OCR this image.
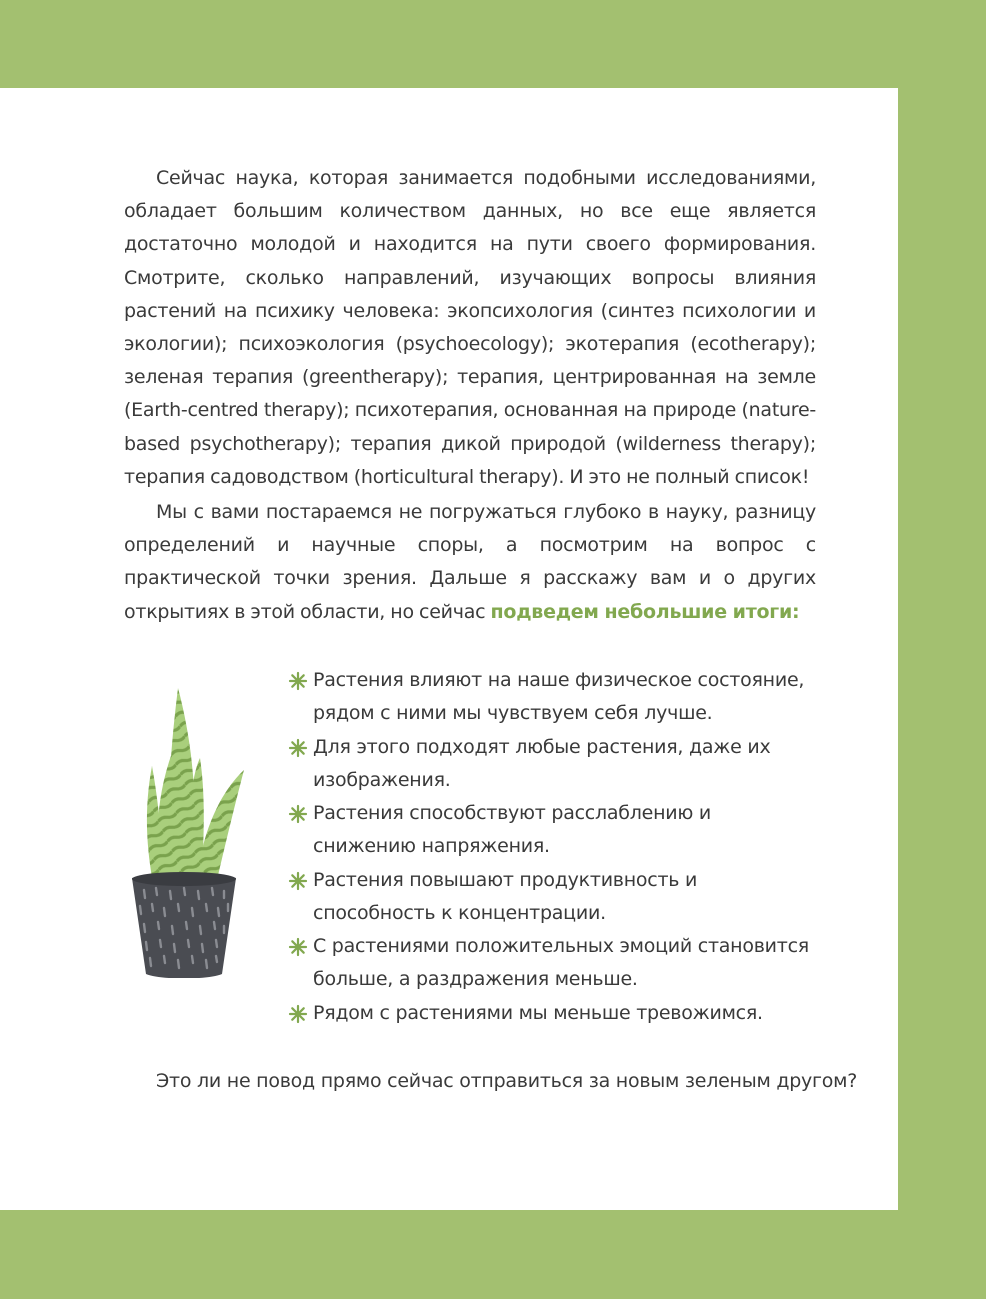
Сейчас наука, которая занимается подобными исследованиями, обладает большим количеством данных, но все еще является достаточно молодой и находится на пути своего формирования. Смотрите, сколько направлений, изучающих вопросы влияния растений на психику человека: экопсихология (синтез психологии и экологии); психоэкология (psychoecology); экотерапия (ecotherapy); зеленая терапия (greentherapy); терапия, центрированная на земле (Earth-centred therapy); психотерапия, основанная на природе (nature-based psychotherapy); терапия дикой природой (wilderness therapy); терапия садоводством (horticultural therapy). И это не полный список!

Мы с вами постараемся не погружаться глубоко в науку, разницу определений и научные споры, а посмотрим на вопрос с практической точки зрения. Дальше я расскажу вам и о других открытиях в этой области, но сейчас подведем небольшие итоги:

Растения влияют на наше физическое состояние, рядом с ними мы чувствуем себя лучше.
Для этого подходят любые растения, даже их изображения.
Растения способствуют расслаблению и снижению напряжения.
Растения повышают продуктивность и способность к концентрации.
С растениями положительных эмоций становится больше, а раздражения меньше.
Рядом с растениями мы меньше тревожимся.

Это ли не повод прямо сейчас отправиться за новым зеленым другом?
